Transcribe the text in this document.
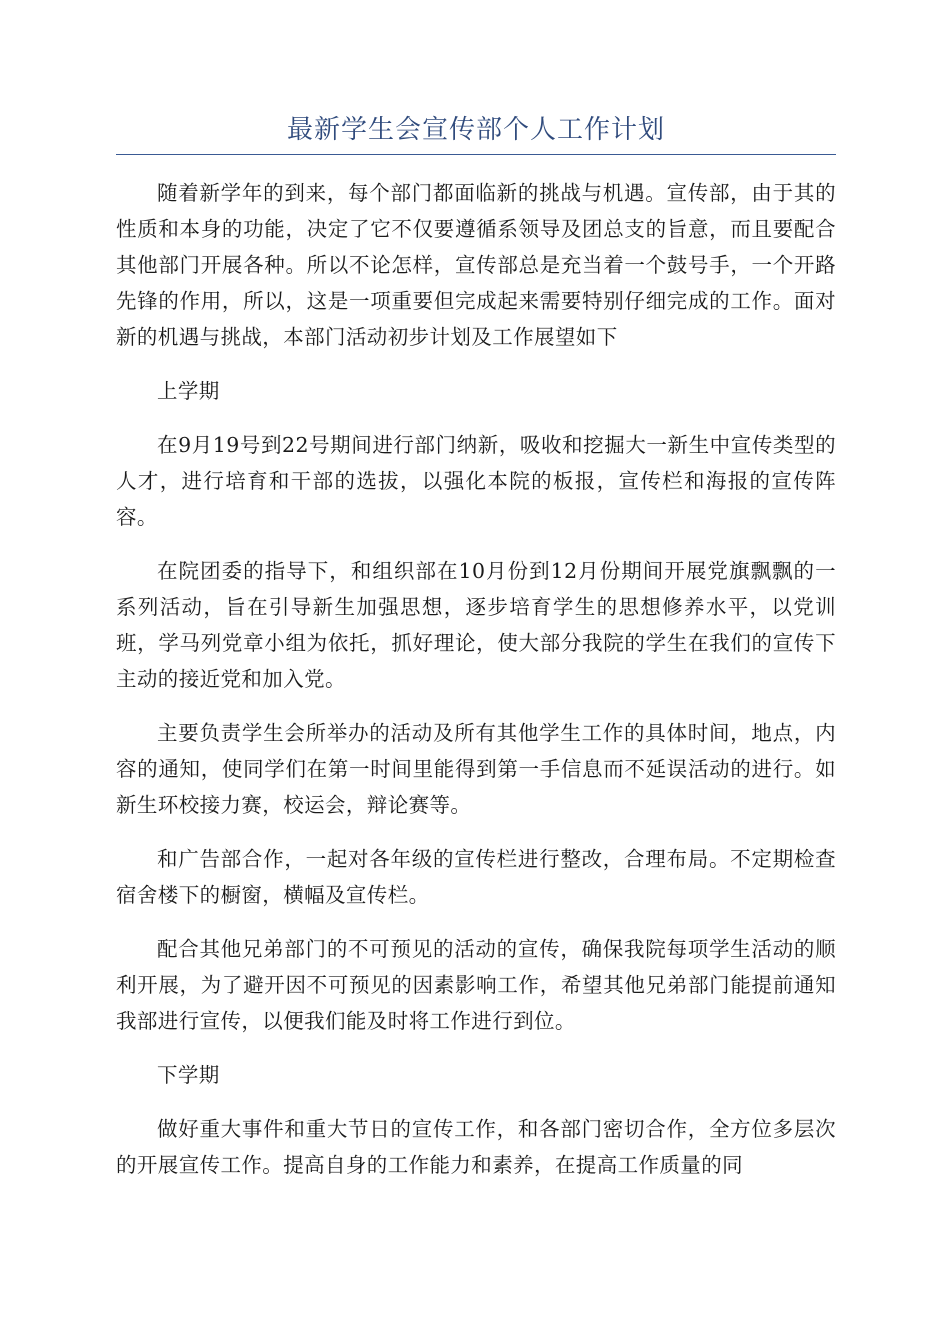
最新学生会宣传部个人工作计划

随着新学年的到来，每个部门都面临新的挑战与机遇。宣传部，由于其的性质和本身的功能，决定了它不仅要遵循系领导及团总支的旨意，而且要配合其他部门开展各种。所以不论怎样，宣传部总是充当着一个鼓号手，一个开路先锋的作用，所以，这是一项重要但完成起来需要特别仔细完成的工作。面对新的机遇与挑战，本部门活动初步计划及工作展望如下

上学期

在9月19号到22号期间进行部门纳新，吸收和挖掘大一新生中宣传类型的人才，进行培育和干部的选拔，以强化本院的板报，宣传栏和海报的宣传阵容。

在院团委的指导下，和组织部在10月份到12月份期间开展党旗飘飘的一系列活动，旨在引导新生加强思想，逐步培育学生的思想修养水平，以党训班，学马列党章小组为依托，抓好理论，使大部分我院的学生在我们的宣传下主动的接近党和加入党。

主要负责学生会所举办的活动及所有其他学生工作的具体时间，地点，内容的通知，使同学们在第一时间里能得到第一手信息而不延误活动的进行。如新生环校接力赛，校运会，辩论赛等。

和广告部合作，一起对各年级的宣传栏进行整改，合理布局。不定期检查宿舍楼下的橱窗，横幅及宣传栏。

配合其他兄弟部门的不可预见的活动的宣传，确保我院每项学生活动的顺利开展，为了避开因不可预见的因素影响工作，希望其他兄弟部门能提前通知我部进行宣传，以便我们能及时将工作进行到位。

下学期

做好重大事件和重大节日的宣传工作，和各部门密切合作，全方位多层次的开展宣传工作。提高自身的工作能力和素养，在提高工作质量的同
